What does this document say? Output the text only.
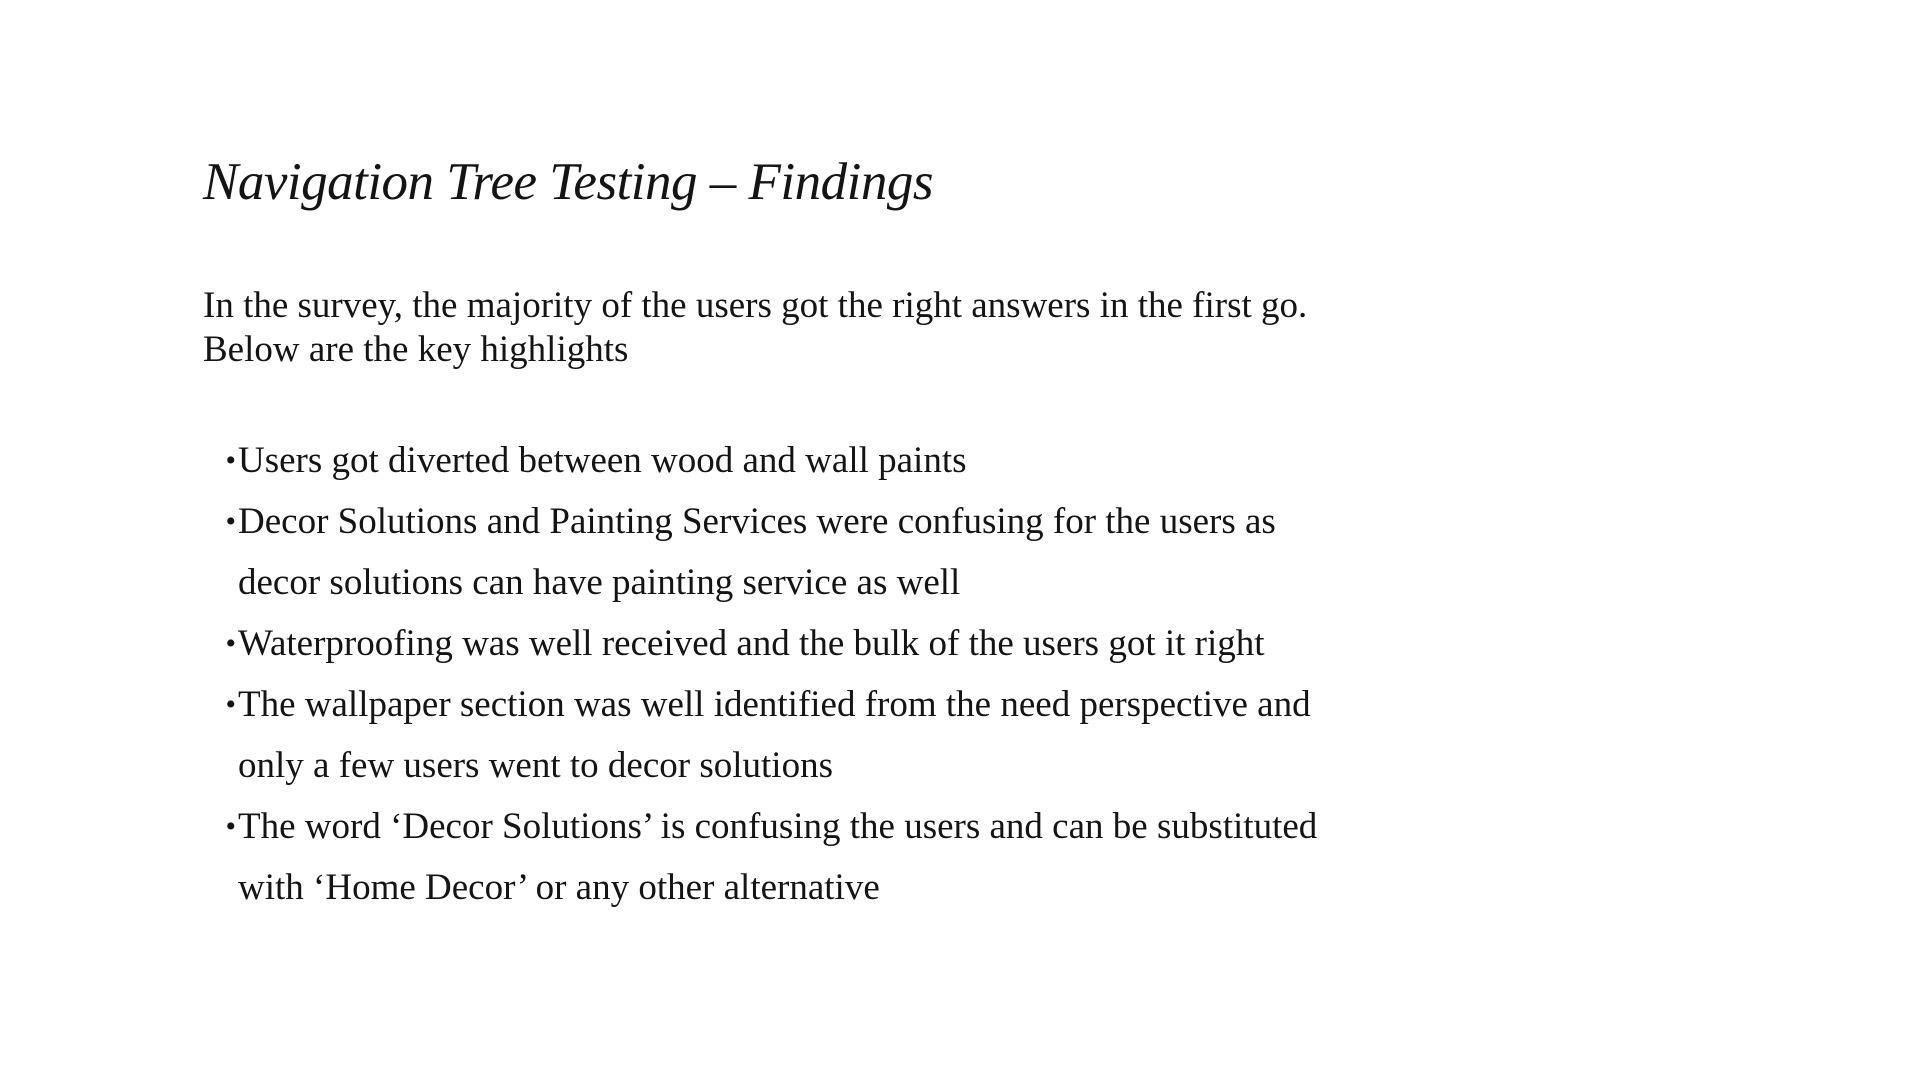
Navigation Tree Testing – Findings

In the survey, the majority of the users got the right answers in the first go.
Below are the key highlights

• Users got diverted between wood and wall paints
• Decor Solutions and Painting Services were confusing for the users as decor solutions can have painting service as well
• Waterproofing was well received and the bulk of the users got it right
• The wallpaper section was well identified from the need perspective and only a few users went to decor solutions
• The word ‘Decor Solutions’ is confusing the users and can be substituted with ‘Home Decor’ or any other alternative
